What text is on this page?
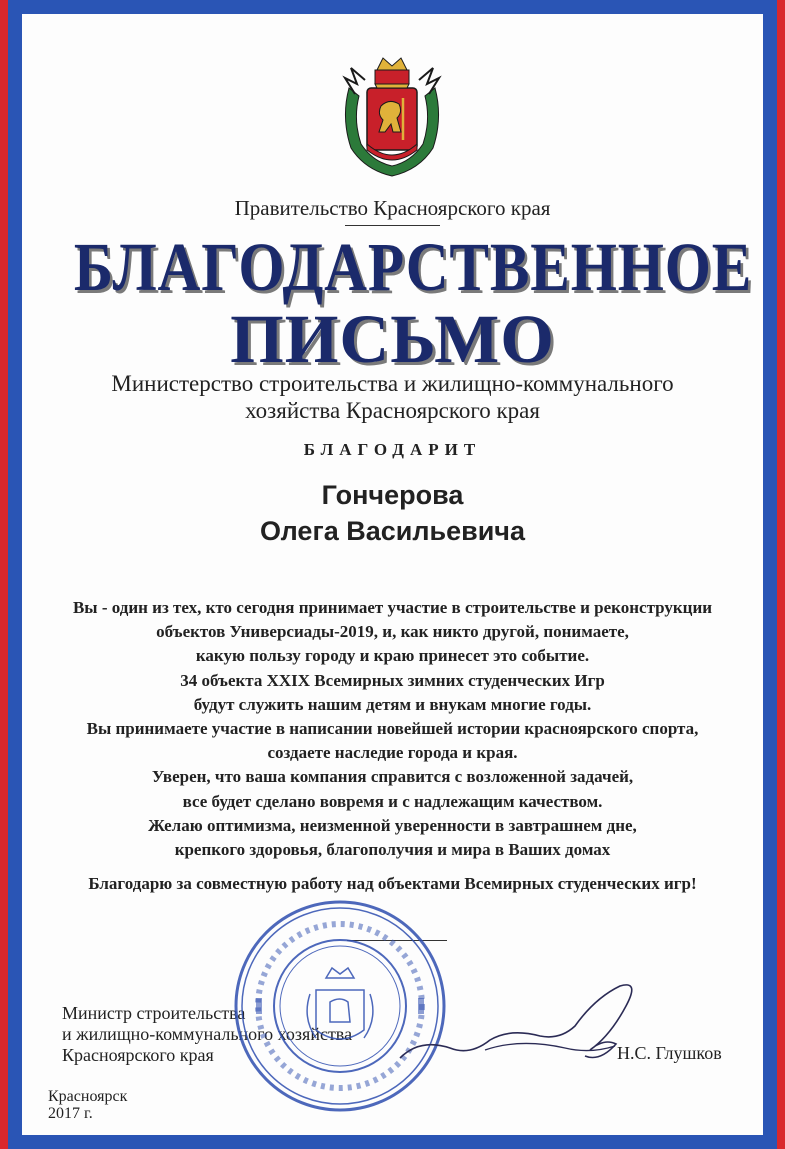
Правительство Красноярского края
БЛАГОДАРСТВЕННОЕ
ПИСЬМО
Министерство строительства и жилищно-коммунального
хозяйства Красноярского края
БЛАГОДАРИТ
Гончерова
Олега Васильевича
Вы - один из тех, кто сегодня принимает участие в строительстве и реконструкции
объектов Универсиады-2019, и, как никто другой, понимаете,
какую пользу городу и краю принесет это событие.
34 объекта XXIX Всемирных зимних студенческих Игр
будут служить нашим детям и внукам многие годы.
Вы принимаете участие в написании новейшей истории красноярского спорта,
создаете наследие города и края.
Уверен, что ваша компания справится с возложенной задачей,
все будет сделано вовремя и с надлежащим качеством.
Желаю оптимизма, неизменной уверенности в завтрашнем дне,
крепкого здоровья, благополучия и мира в Ваших домах
Благодарю за совместную работу над объектами Всемирных студенческих игр!
Министр строительства
и жилищно-коммунального хозяйства
Красноярского края	Н.С. Глушков
Красноярск
2017 г.
